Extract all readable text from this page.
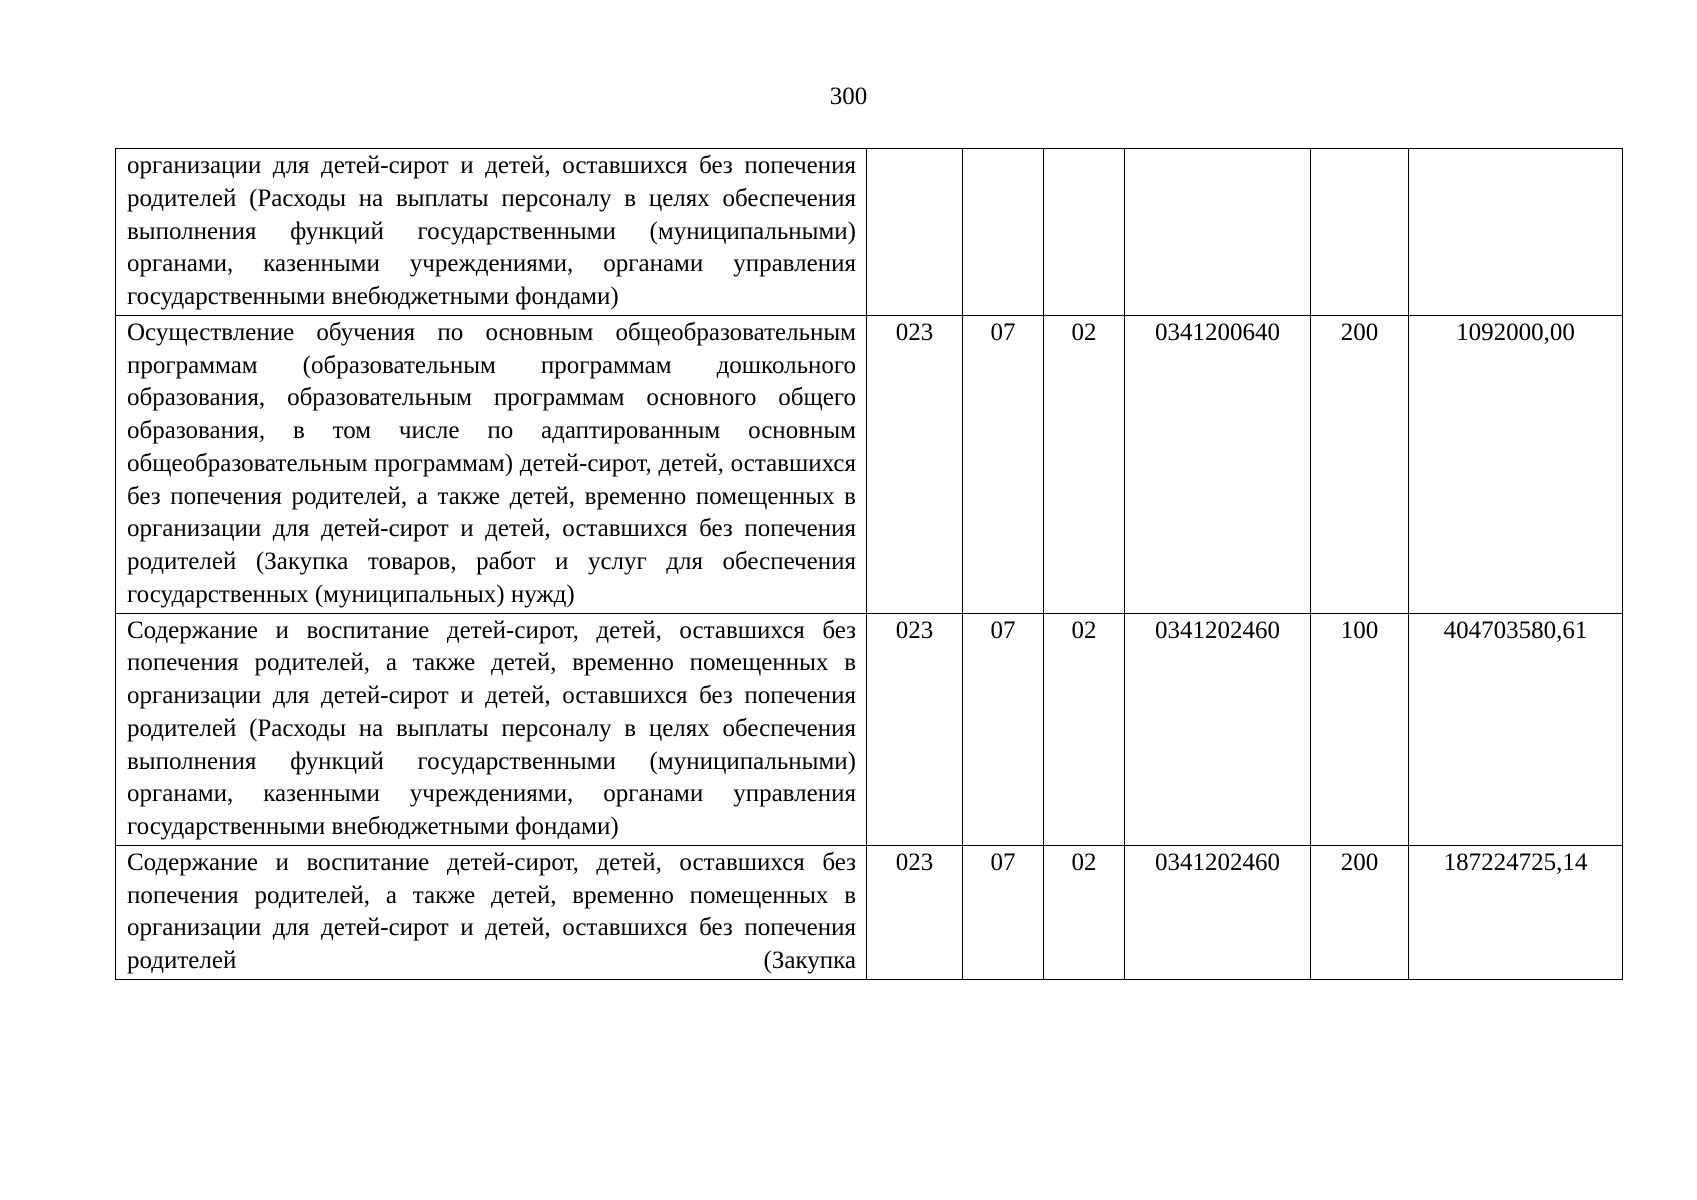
300
организации для детей-сирот и детей, оставшихся без попечения родителей (Расходы на выплаты персоналу в целях обеспечения выполнения функций государственными (муниципальными) органами, казенными учреждениями, органами управления государственными внебюджетными фондами)						
Осуществление обучения по основным общеобразовательным программам (образовательным программам дошкольного образования, образовательным программам основного общего образования, в том числе по адаптированным основным общеобразовательным программам) детей-сирот, детей, оставшихся без попечения родителей, а также детей, временно помещенных в организации для детей-сирот и детей, оставшихся без попечения родителей (Закупка товаров, работ и услуг для обеспечения государственных (муниципальных) нужд)	023	07	02	0341200640	200	1092000,00
Содержание и воспитание детей-сирот, детей, оставшихся без попечения родителей, а также детей, временно помещенных в организации для детей-сирот и детей, оставшихся без попечения родителей (Расходы на выплаты персоналу в целях обеспечения выполнения функций государственными (муниципальными) органами, казенными учреждениями, органами управления государственными внебюджетными фондами)	023	07	02	0341202460	100	404703580,61
Содержание и воспитание детей-сирот, детей, оставшихся без попечения родителей, а также детей, временно помещенных в организации для детей-сирот и детей, оставшихся без попечения родителей (Закупка	023	07	02	0341202460	200	187224725,14
